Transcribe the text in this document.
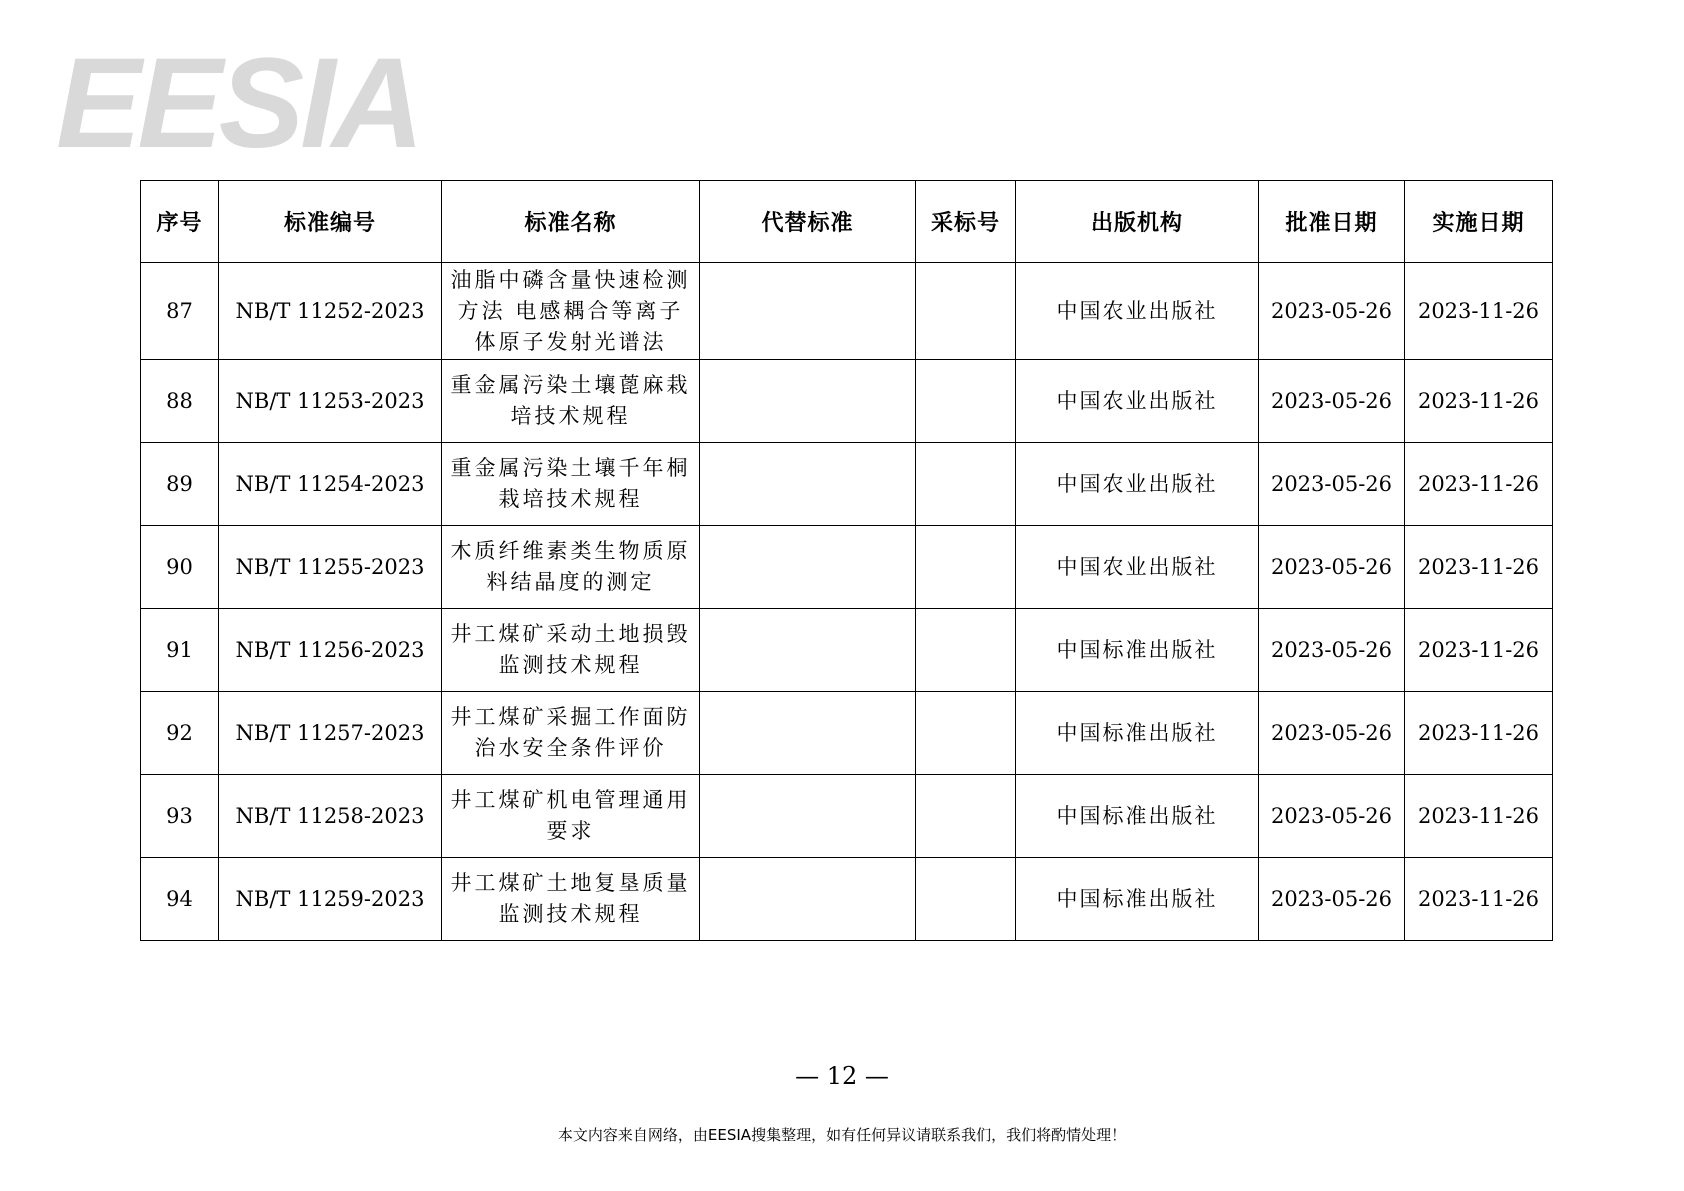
EESIA
序号	标准编号	标准名称	代替标准	采标号	出版机构	批准日期	实施日期
87	NB/T 11252-2023	油脂中磷含量快速检测方法 电感耦合等离子体原子发射光谱法			中国农业出版社	2023-05-26	2023-11-26
88	NB/T 11253-2023	重金属污染土壤蓖麻栽培技术规程			中国农业出版社	2023-05-26	2023-11-26
89	NB/T 11254-2023	重金属污染土壤千年桐栽培技术规程			中国农业出版社	2023-05-26	2023-11-26
90	NB/T 11255-2023	木质纤维素类生物质原料结晶度的测定			中国农业出版社	2023-05-26	2023-11-26
91	NB/T 11256-2023	井工煤矿采动土地损毁监测技术规程			中国标准出版社	2023-05-26	2023-11-26
92	NB/T 11257-2023	井工煤矿采掘工作面防治水安全条件评价			中国标准出版社	2023-05-26	2023-11-26
93	NB/T 11258-2023	井工煤矿机电管理通用要求			中国标准出版社	2023-05-26	2023-11-26
94	NB/T 11259-2023	井工煤矿土地复垦质量监测技术规程			中国标准出版社	2023-05-26	2023-11-26
— 12 —
本文内容来自网络，由EESIA搜集整理，如有任何异议请联系我们，我们将酌情处理！
